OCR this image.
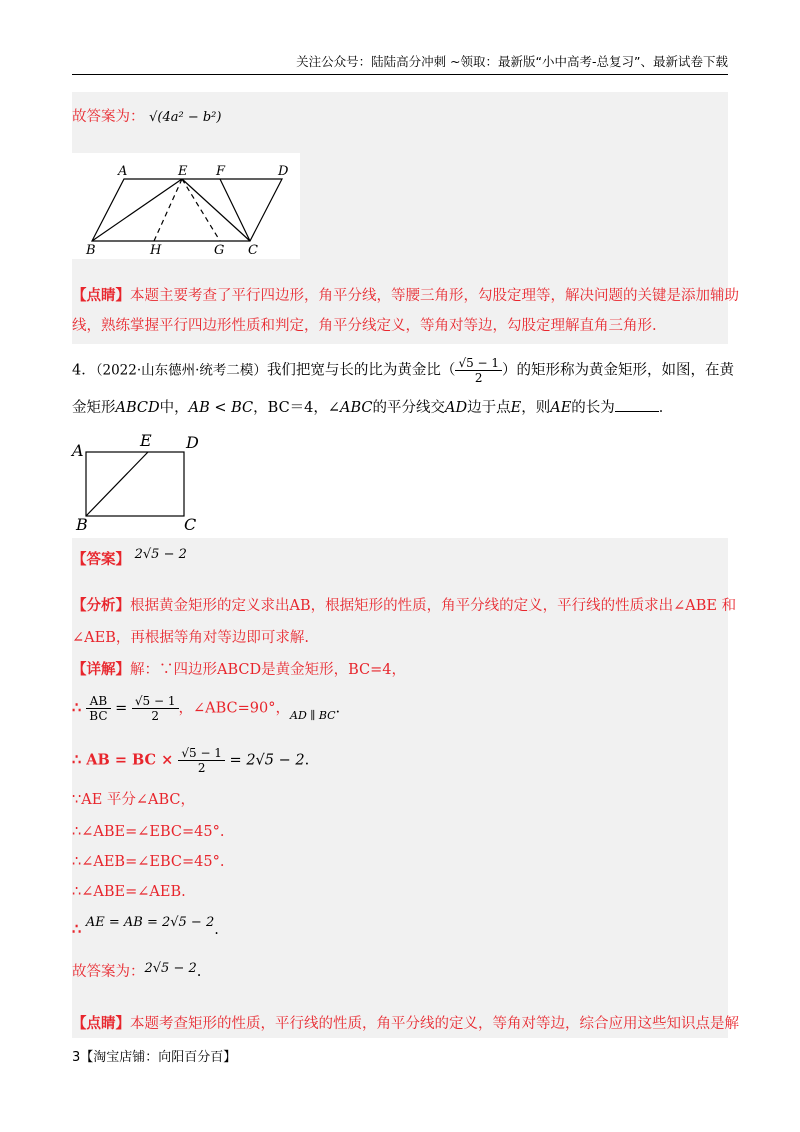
关注公众号：陆陆高分冲刺 ~领取：最新版“小中高考-总复习”、最新试卷下载
故答案为： √(4a² − b²)
A	E F	D
B	H	G C
【点睛】本题主要考查了平行四边形，角平分线，等腰三角形，勾股定理等，解决问题的关键是添加辅助
线，熟练掌握平行四边形性质和判定，角平分线定义，等角对等边，勾股定理解直角三角形.
4．（2022·山东德州·统考二模）我们把宽与长的比为黄金比（ $\frac{√5 - 1}{2}$ ）的矩形称为黄金矩形，如图，在黄
金矩形ABCD中，AB < BC，BC＝4，∠ABC的平分线交AD边于点E，则AE的长为	．
A
E D
B	C
【答案】 2√5 − 2
【分析】根据黄金矩形的定义求出AB，根据矩形的性质，角平分线的定义，平行线的性质求出∠ABE 和
∠AEB，再根据等角对等边即可求解.
【详解】解：∵四边形ABCD是黄金矩形，BC=4，
∴ $\frac{AB}{BC} = \frac{√5 - 1}{2}$ ，∠ABC=90°，$_{AD \parallel BC}$.
∴ AB = BC × $\frac{√5 - 1}{2} = 2√5 - 2$.
∵AE 平分∠ABC，
∴∠ABE=∠EBC=45°.
∴∠AEB=∠EBC=45°.
∴∠ABE=∠AEB.
∴ AE = AB = 2√5 − 2.
故答案为：2√5 − 2.
【点睛】本题考查矩形的性质，平行线的性质，角平分线的定义，等角对等边，综合应用这些知识点是解
3【淘宝店铺：向阳百分百】
